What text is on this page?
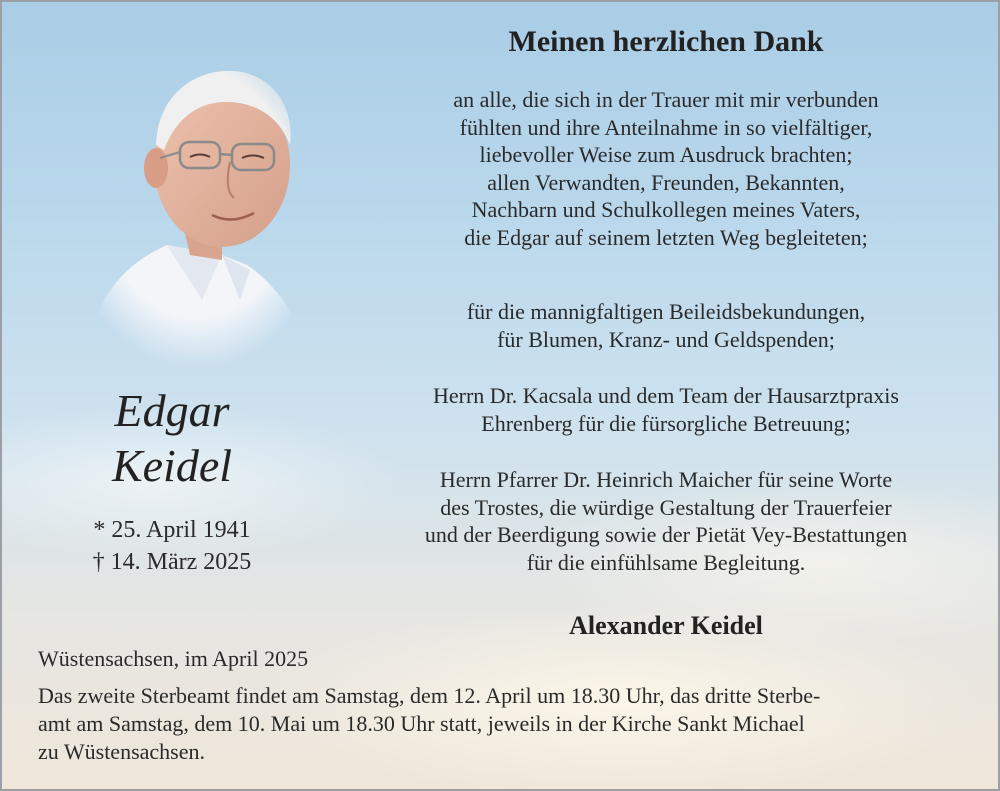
Edgar
Keidel
* 25. April 1941
† 14. März 2025
Meinen herzlichen Dank
an alle, die sich in der Trauer mit mir verbunden
fühlten und ihre Anteilnahme in so vielfältiger,
liebevoller Weise zum Ausdruck brachten;
allen Verwandten, Freunden, Bekannten,
Nachbarn und Schulkollegen meines Vaters,
die Edgar auf seinem letzten Weg begleiteten;
für die mannigfaltigen Beileidsbekundungen,
für Blumen, Kranz- und Geldspenden;
Herrn Dr. Kacsala und dem Team der Hausarztpraxis
Ehrenberg für die fürsorgliche Betreuung;
Herrn Pfarrer Dr. Heinrich Maicher für seine Worte
des Trostes, die würdige Gestaltung der Trauerfeier
und der Beerdigung sowie der Pietät Vey-Bestattungen
für die einfühlsame Begleitung.
Alexander Keidel
Wüstensachsen, im April 2025
Das zweite Sterbeamt findet am Samstag, dem 12. April um 18.30 Uhr, das dritte Sterbe-
amt am Samstag, dem 10. Mai um 18.30 Uhr statt, jeweils in der Kirche Sankt Michael
zu Wüstensachsen.
